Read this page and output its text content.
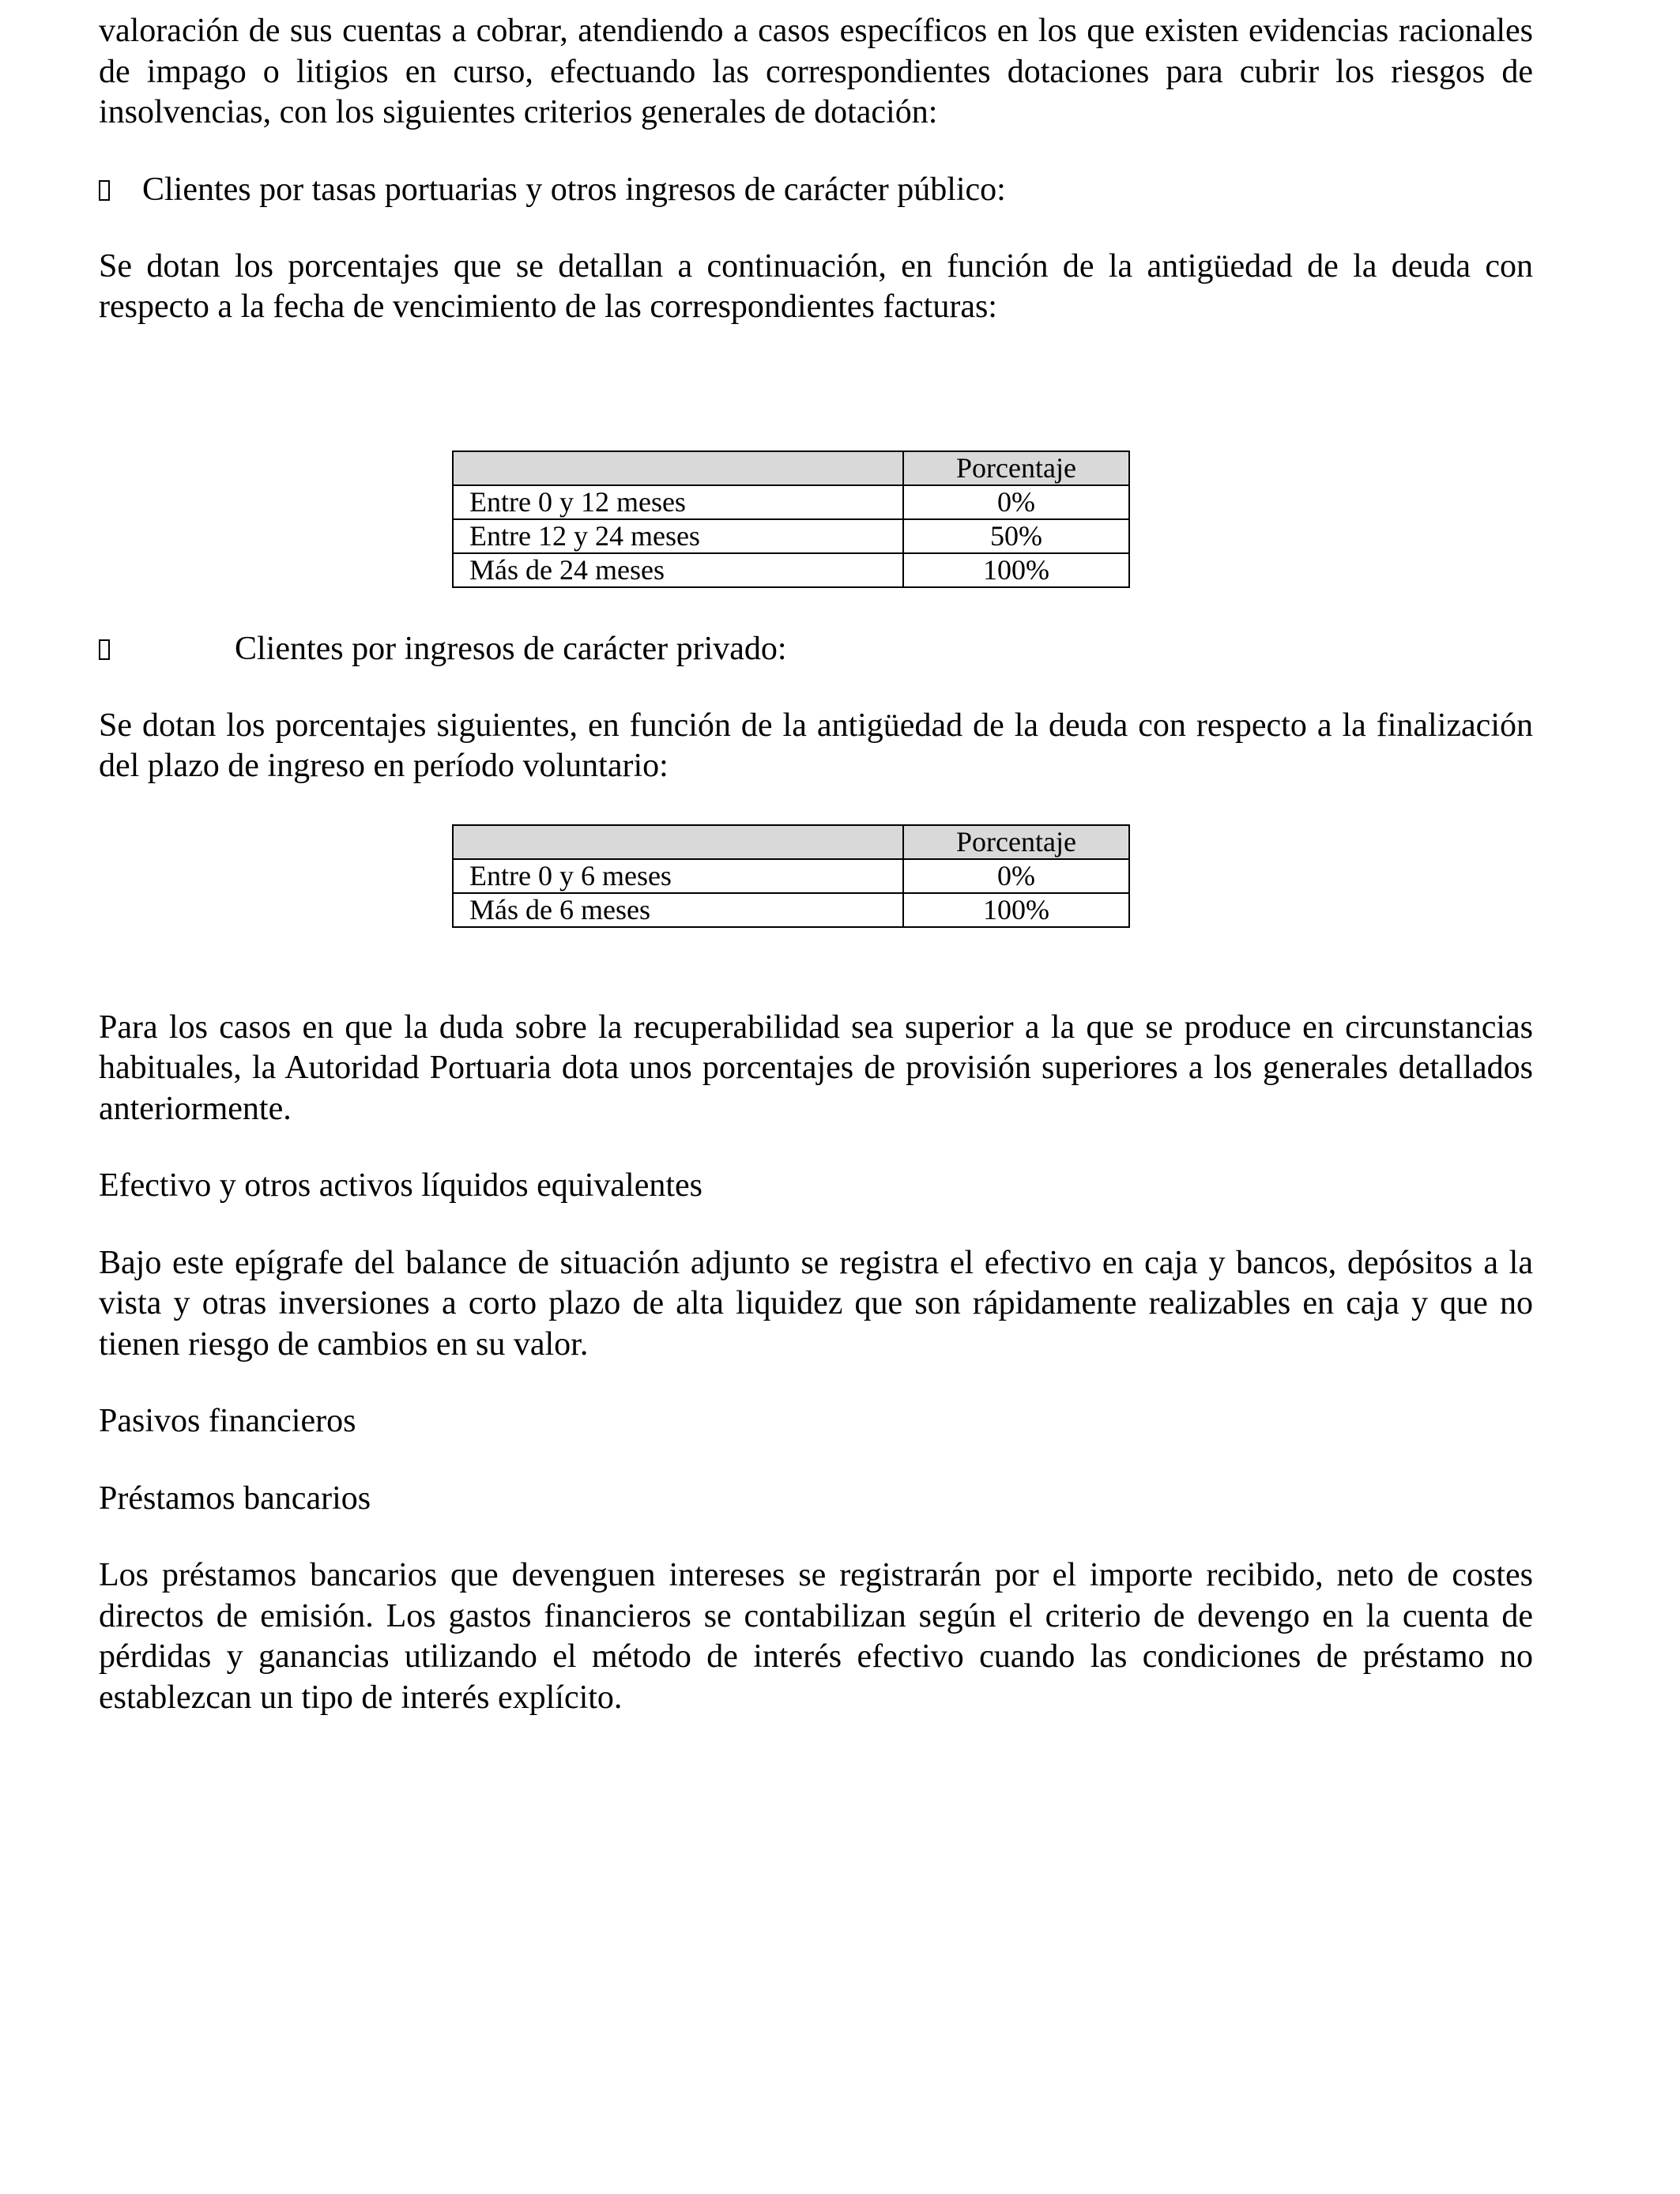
valoración de sus cuentas a cobrar, atendiendo a casos específicos en los que existen evidencias racionales de impago o litigios en curso, efectuando las correspondientes dotaciones para cubrir los riesgos de insolvencias, con los siguientes criterios generales de dotación:

Clientes por tasas portuarias y otros ingresos de carácter público:

Se dotan los porcentajes que se detallan a continuación, en función de la antigüedad de la deuda con respecto a la fecha de vencimiento de las correspondientes facturas:

	Porcentaje
Entre 0 y 12 meses	0%
Entre 12 y 24 meses	50%
Más de 24 meses	100%
Clientes por ingresos de carácter privado:

Se dotan los porcentajes siguientes, en función de la antigüedad de la deuda con respecto a la finalización del plazo de ingreso en período voluntario:

	Porcentaje
Entre 0 y 6 meses	0%
Más de 6 meses	100%

Para los casos en que la duda sobre la recuperabilidad sea superior a la que se produce en circunstancias habituales, la Autoridad Portuaria dota unos porcentajes de provisión superiores a los generales detallados anteriormente.

Efectivo y otros activos líquidos equivalentes

Bajo este epígrafe del balance de situación adjunto se registra el efectivo en caja y bancos, depósitos a la vista y otras inversiones a corto plazo de alta liquidez que son rápidamente realizables en caja y que no tienen riesgo de cambios en su valor.

Pasivos financieros

Préstamos bancarios

Los préstamos bancarios que devenguen intereses se registrarán por el importe recibido, neto de costes directos de emisión. Los gastos financieros se contabilizan según el criterio de devengo en la cuenta de pérdidas y ganancias utilizando el método de interés efectivo cuando las condiciones de préstamo no establezcan un tipo de interés explícito.
